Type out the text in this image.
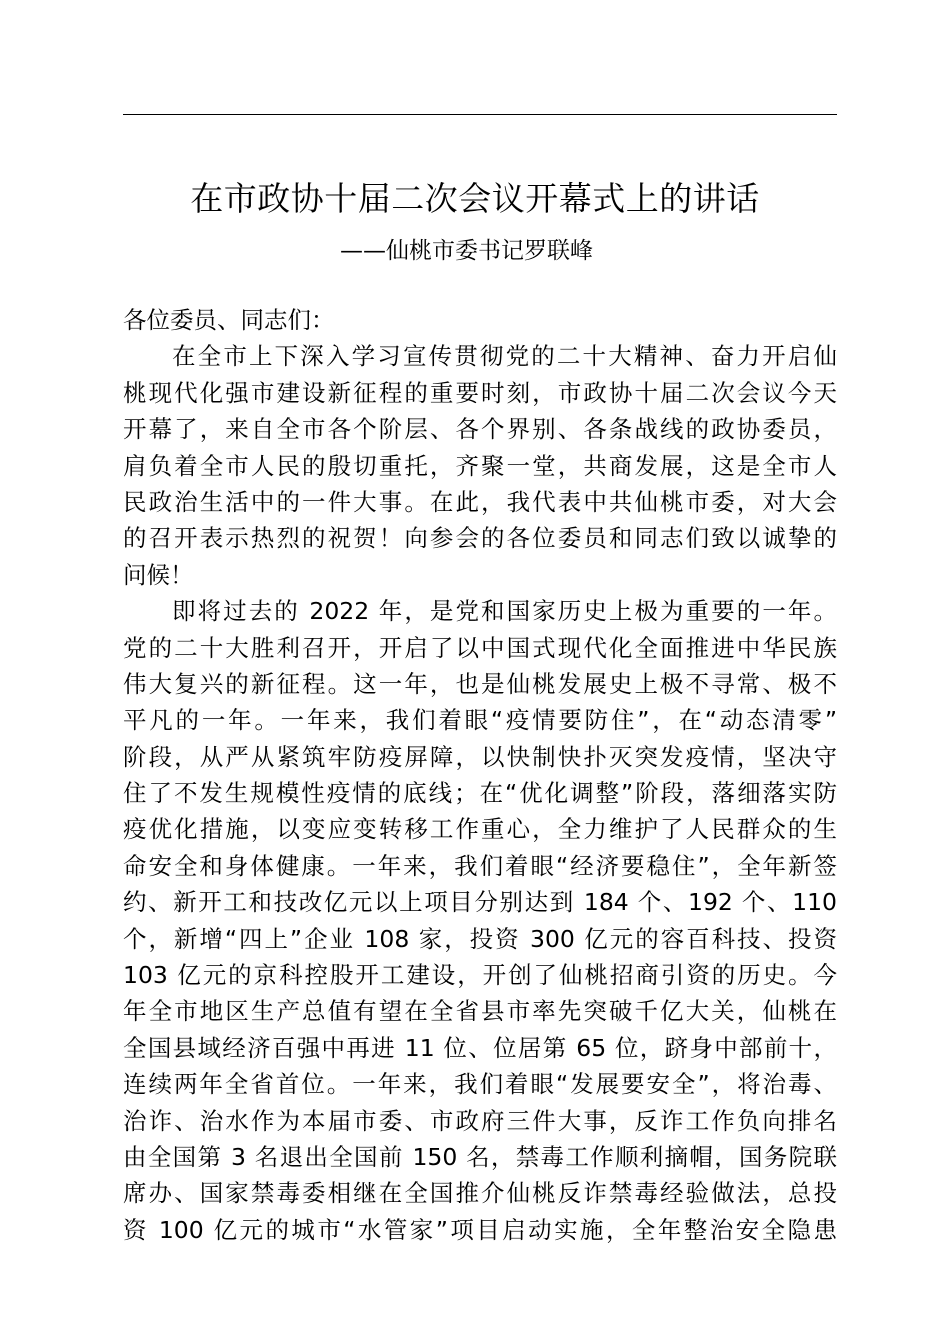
在市政协十届二次会议开幕式上的讲话
——仙桃市委书记罗联峰
各位委员、同志们：
在全市上下深入学习宣传贯彻党的二十大精神、奋力开启仙
桃现代化强市建设新征程的重要时刻，市政协十届二次会议今天
开幕了，来自全市各个阶层、各个界别、各条战线的政协委员，
肩负着全市人民的殷切重托，齐聚一堂，共商发展，这是全市人
民政治生活中的一件大事。在此，我代表中共仙桃市委，对大会
的召开表示热烈的祝贺！向参会的各位委员和同志们致以诚挚的
问候！
即将过去的 2022 年，是党和国家历史上极为重要的一年。
党的二十大胜利召开，开启了以中国式现代化全面推进中华民族
伟大复兴的新征程。这一年，也是仙桃发展史上极不寻常、极不
平凡的一年。一年来，我们着眼“疫情要防住”，在“动态清零”
阶段，从严从紧筑牢防疫屏障，以快制快扑灭突发疫情，坚决守
住了不发生规模性疫情的底线；在“优化调整”阶段，落细落实防
疫优化措施，以变应变转移工作重心，全力维护了人民群众的生
命安全和身体健康。一年来，我们着眼“经济要稳住”，全年新签
约、新开工和技改亿元以上项目分别达到 184 个、192 个、110
个，新增“四上”企业 108 家，投资 300 亿元的容百科技、投资
103 亿元的京科控股开工建设，开创了仙桃招商引资的历史。今
年全市地区生产总值有望在全省县市率先突破千亿大关，仙桃在
全国县域经济百强中再进 11 位、位居第 65 位，跻身中部前十，
连续两年全省首位。一年来，我们着眼“发展要安全”，将治毒、
治诈、治水作为本届市委、市政府三件大事，反诈工作负向排名
由全国第 3 名退出全国前 150 名，禁毒工作顺利摘帽，国务院联
席办、国家禁毒委相继在全国推介仙桃反诈禁毒经验做法，总投
资 100 亿元的城市“水管家”项目启动实施，全年整治安全隐患
